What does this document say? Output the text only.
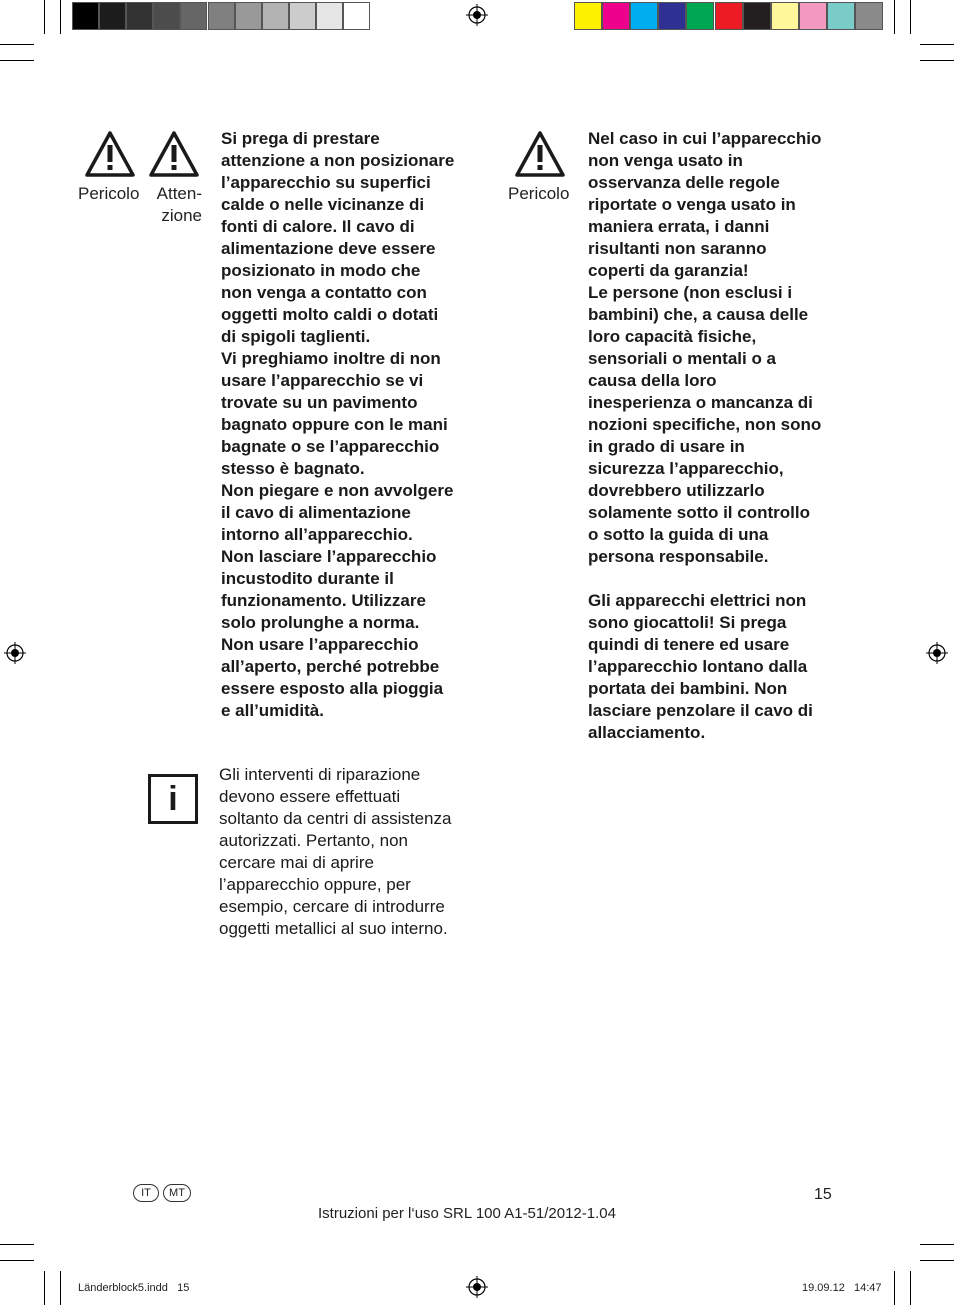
Pericolo	Atten-
zione
Si prega di prestare
attenzione a non posizionare
l’apparecchio su superfici
calde o nelle vicinanze di
fonti di calore. Il cavo di
alimentazione deve essere
posizionato in modo che
non venga a contatto con
oggetti molto caldi o dotati
di spigoli taglienti.
Vi preghiamo inoltre di non
usare l’apparecchio se vi
trovate su un pavimento
bagnato oppure con le mani
bagnate o se l’apparecchio
stesso è bagnato.
Non piegare e non avvolgere
il cavo di alimentazione
intorno all’apparecchio.
Non lasciare l’apparecchio
incustodito durante il
funzionamento. Utilizzare
solo prolunghe a norma.
Non usare l’apparecchio
all’aperto, perché potrebbe
essere esposto alla pioggia
e all’umidità.
i
Gli interventi di riparazione
devono essere effettuati
soltanto da centri di assistenza
autorizzati. Pertanto, non
cercare mai di aprire
l’apparecchio oppure, per
esempio, cercare di introdurre
oggetti metallici al suo interno.
Pericolo
Nel caso in cui l’apparecchio
non venga usato in
osservanza delle regole
riportate o venga usato in
maniera errata, i danni
risultanti non saranno
coperti da garanzia!
Le persone (non esclusi i
bambini) che, a causa delle
loro capacità fisiche,
sensoriali o mentali o a
causa della loro
inesperienza o mancanza di
nozioni specifiche, non sono
in grado di usare in
sicurezza l’apparecchio,
dovrebbero utilizzarlo
solamente sotto il controllo
o sotto la guida di una
persona responsabile.

Gli apparecchi elettrici non
sono giocattoli! Si prega
quindi di tenere ed usare
l’apparecchio lontano dalla
portata dei bambini. Non
lasciare penzolare il cavo di
allacciamento.
IT	MT	15
Istruzioni per l‘uso SRL 100 A1-51/2012-1.04
Länderblock5.indd   15	19.09.12   14:47
